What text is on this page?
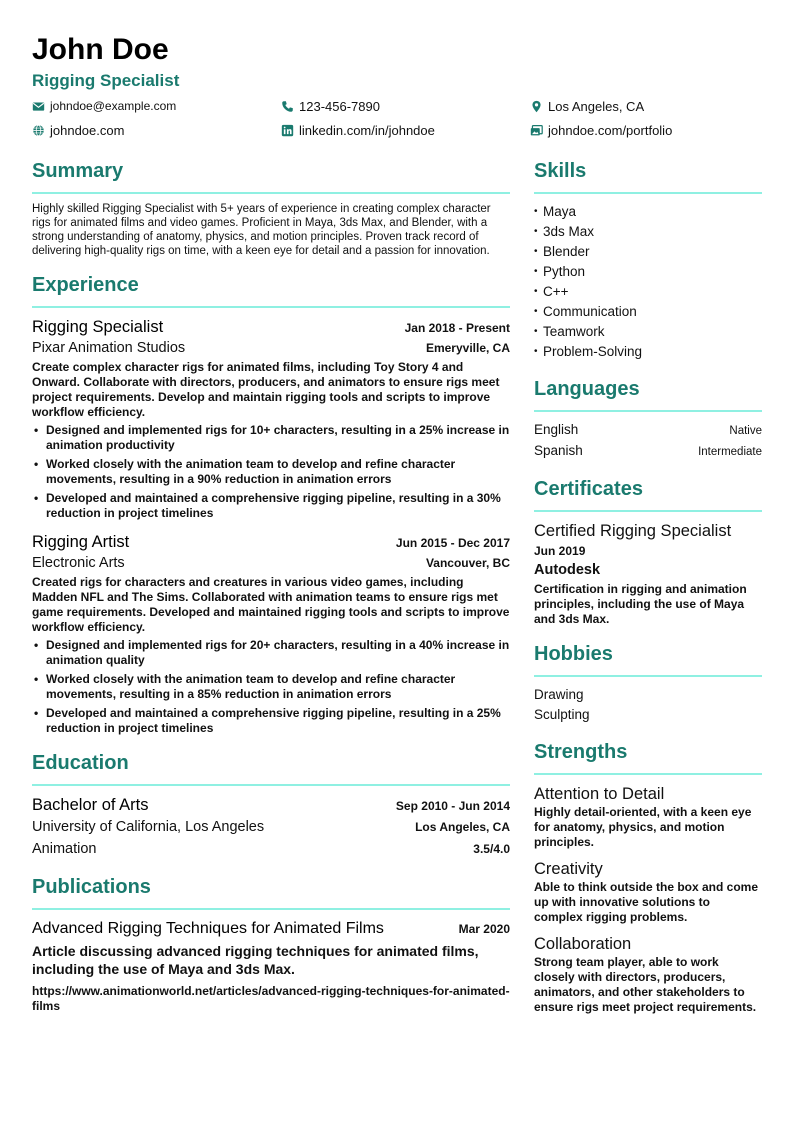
John Doe
Rigging Specialist
johndoe@example.com	123-456-7890	Los Angeles, CA
johndoe.com	linkedin.com/in/johndoe	johndoe.com/portfolio
Summary
Highly skilled Rigging Specialist with 5+ years of experience in creating complex character rigs for animated films and video games. Proficient in Maya, 3ds Max, and Blender, with a strong understanding of anatomy, physics, and motion principles. Proven track record of delivering high-quality rigs on time, with a keen eye for detail and a passion for innovation.
Experience
Rigging Specialist	Jan 2018 - Present
Pixar Animation Studios	Emeryville, CA
Create complex character rigs for animated films, including Toy Story 4 and Onward. Collaborate with directors, producers, and animators to ensure rigs meet project requirements. Develop and maintain rigging tools and scripts to improve workflow efficiency.
• Designed and implemented rigs for 10+ characters, resulting in a 25% increase in animation productivity
• Worked closely with the animation team to develop and refine character movements, resulting in a 90% reduction in animation errors
• Developed and maintained a comprehensive rigging pipeline, resulting in a 30% reduction in project timelines
Rigging Artist	Jun 2015 - Dec 2017
Electronic Arts	Vancouver, BC
Created rigs for characters and creatures in various video games, including Madden NFL and The Sims. Collaborated with animation teams to ensure rigs met game requirements. Developed and maintained rigging tools and scripts to improve workflow efficiency.
• Designed and implemented rigs for 20+ characters, resulting in a 40% increase in animation quality
• Worked closely with the animation team to develop and refine character movements, resulting in a 85% reduction in animation errors
• Developed and maintained a comprehensive rigging pipeline, resulting in a 25% reduction in project timelines
Education
Bachelor of Arts	Sep 2010 - Jun 2014
University of California, Los Angeles	Los Angeles, CA
Animation	3.5/4.0
Publications
Advanced Rigging Techniques for Animated Films	Mar 2020
Article discussing advanced rigging techniques for animated films, including the use of Maya and 3ds Max.
https://www.animationworld.net/articles/advanced-rigging-techniques-for-animated-films
Skills
• Maya
• 3ds Max
• Blender
• Python
• C++
• Communication
• Teamwork
• Problem-Solving
Languages
English	Native
Spanish	Intermediate
Certificates
Certified Rigging Specialist
Jun 2019
Autodesk
Certification in rigging and animation principles, including the use of Maya and 3ds Max.
Hobbies
Drawing
Sculpting
Strengths
Attention to Detail
Highly detail-oriented, with a keen eye for anatomy, physics, and motion principles.
Creativity
Able to think outside the box and come up with innovative solutions to complex rigging problems.
Collaboration
Strong team player, able to work closely with directors, producers, animators, and other stakeholders to ensure rigs meet project requirements.
